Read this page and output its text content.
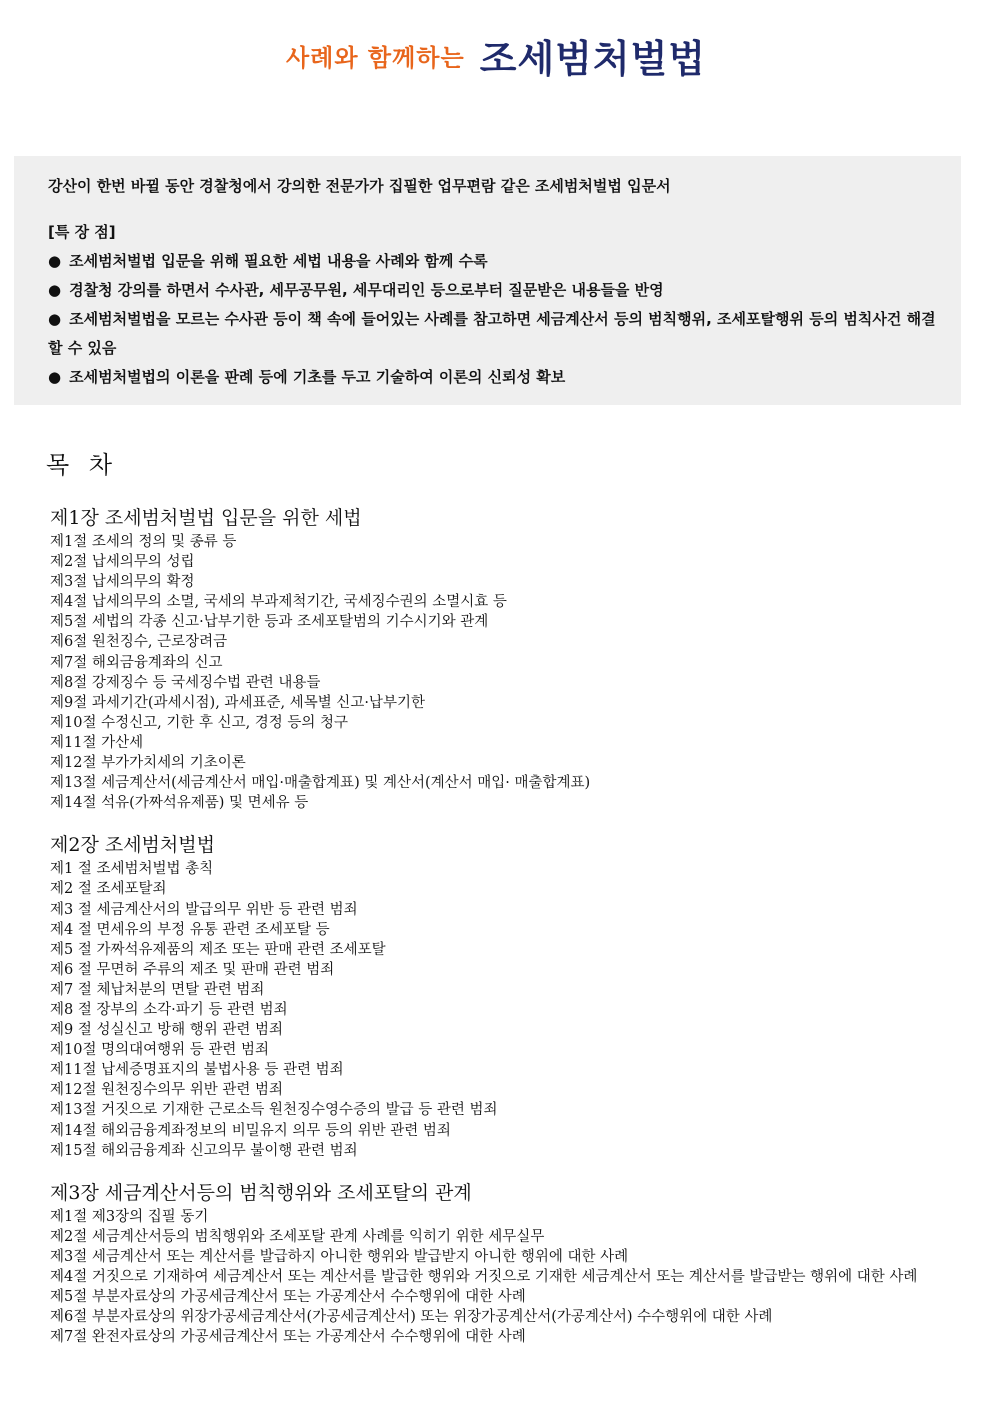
사례와 함께하는 조세범처벌법
강산이 한번 바뀔 동안 경찰청에서 강의한 전문가가 집필한 업무편람 같은 조세범처벌법 입문서
[특 장 점]
● 조세범처벌법 입문을 위해 필요한 세법 내용을 사례와 함께 수록
● 경찰청 강의를 하면서 수사관, 세무공무원, 세무대리인 등으로부터 질문받은 내용들을 반영
● 조세범처벌법을 모르는 수사관 등이 책 속에 들어있는 사례를 참고하면 세금계산서 등의 범칙행위, 조세포탈행위 등의 범칙사건 해결할 수 있음
● 조세범처벌법의 이론을 판례 등에 기초를 두고 기술하여 이론의 신뢰성 확보
목 차
제1장 조세범처벌법 입문을 위한 세법
제1절 조세의 정의 및 종류 등
제2절 납세의무의 성립
제3절 납세의무의 확정
제4절 납세의무의 소멸, 국세의 부과제척기간, 국세징수권의 소멸시효 등
제5절 세법의 각종 신고·납부기한 등과 조세포탈범의 기수시기와 관계
제6절 원천징수, 근로장려금
제7절 해외금융계좌의 신고
제8절 강제징수 등 국세징수법 관련 내용들
제9절 과세기간(과세시점), 과세표준, 세목별 신고·납부기한
제10절 수정신고, 기한 후 신고, 경정 등의 청구
제11절 가산세
제12절 부가가치세의 기초이론
제13절 세금계산서(세금계산서 매입·매출합계표) 및 계산서(계산서 매입· 매출합계표)
제14절 석유(가짜석유제품) 및 면세유 등
제2장 조세범처벌법
제1 절 조세범처벌법 총칙
제2 절 조세포탈죄
제3 절 세금계산서의 발급의무 위반 등 관련 범죄
제4 절 면세유의 부정 유통 관련 조세포탈 등
제5 절 가짜석유제품의 제조 또는 판매 관련 조세포탈
제6 절 무면허 주류의 제조 및 판매 관련 범죄
제7 절 체납처분의 면탈 관련 범죄
제8 절 장부의 소각·파기 등 관련 범죄
제9 절 성실신고 방해 행위 관련 범죄
제10절 명의대여행위 등 관련 범죄
제11절 납세증명표지의 불법사용 등 관련 범죄
제12절 원천징수의무 위반 관련 범죄
제13절 거짓으로 기재한 근로소득 원천징수영수증의 발급 등 관련 범죄
제14절 해외금융계좌정보의 비밀유지 의무 등의 위반 관련 범죄
제15절 해외금융계좌 신고의무 불이행 관련 범죄
제3장 세금계산서등의 범칙행위와 조세포탈의 관계
제1절 제3장의 집필 동기
제2절 세금계산서등의 범칙행위와 조세포탈 관계 사례를 익히기 위한 세무실무
제3절 세금계산서 또는 계산서를 발급하지 아니한 행위와 발급받지 아니한 행위에 대한 사례
제4절 거짓으로 기재하여 세금계산서 또는 계산서를 발급한 행위와 거짓으로 기재한 세금계산서 또는 계산서를 발급받는 행위에 대한 사례
제5절 부분자료상의 가공세금계산서 또는 가공계산서 수수행위에 대한 사례
제6절 부분자료상의 위장가공세금계산서(가공세금계산서) 또는 위장가공계산서(가공계산서) 수수행위에 대한 사례
제7절 완전자료상의 가공세금계산서 또는 가공계산서 수수행위에 대한 사례
